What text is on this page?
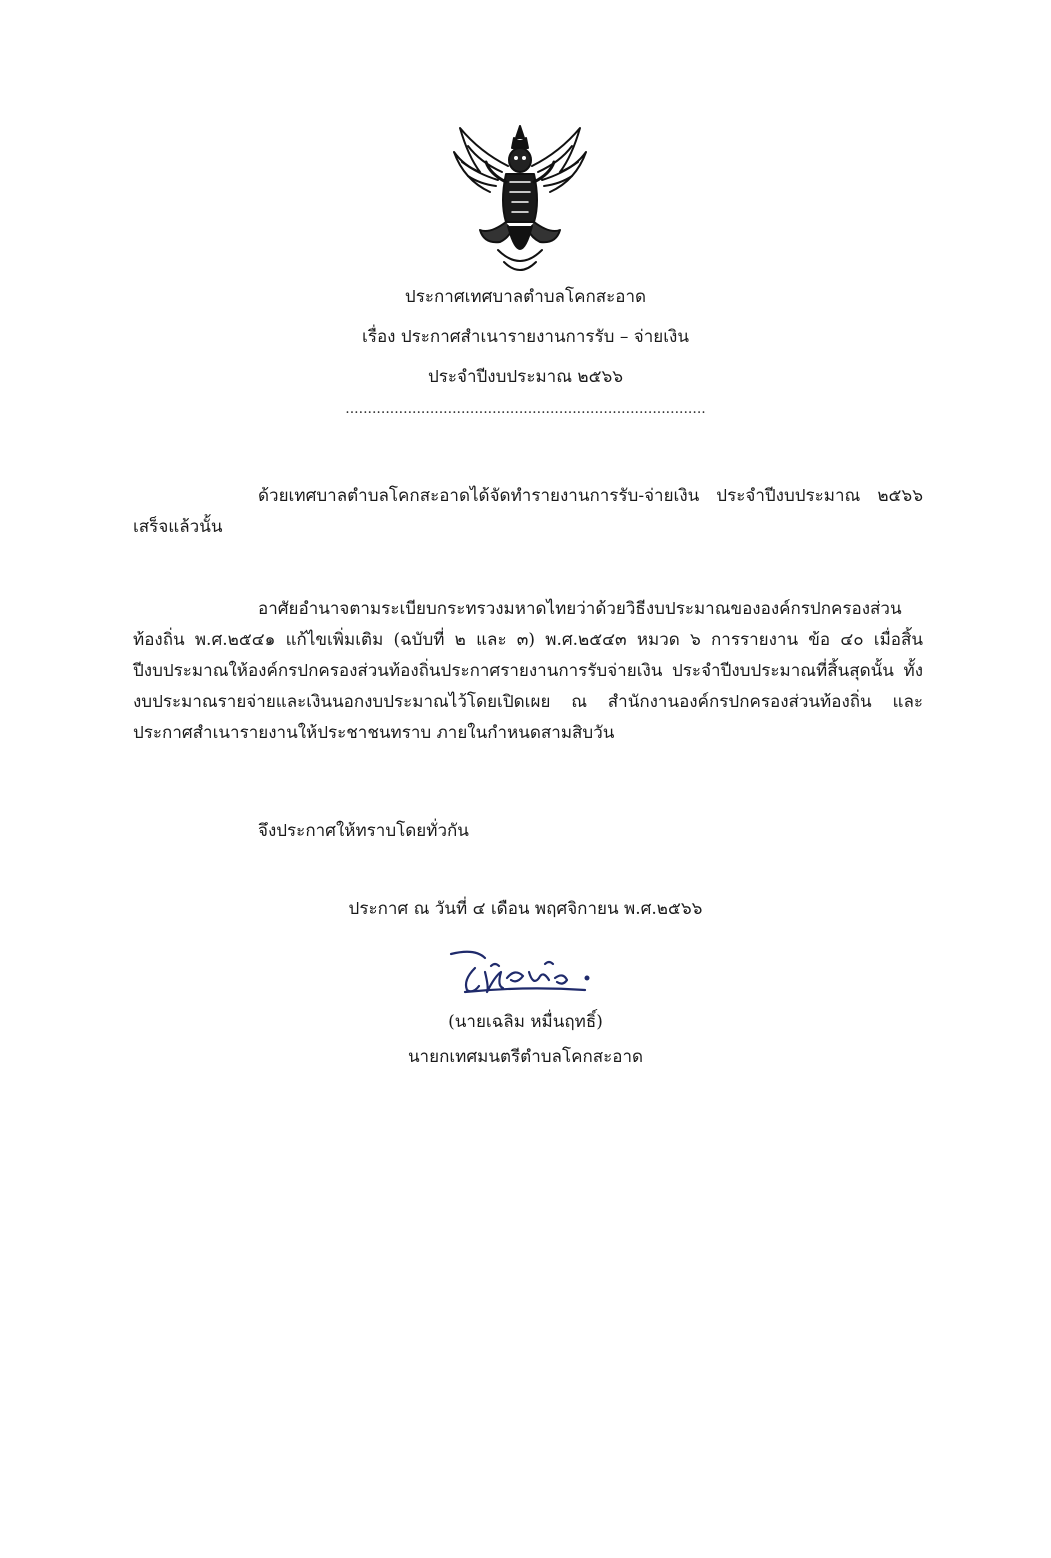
ประกาศเทศบาลตำบลโคกสะอาด
เรื่อง ประกาศสำเนารายงานการรับ – จ่ายเงิน
ประจำปีงบประมาณ ๒๕๖๖
.................................................................................
ด้วยเทศบาลตำบลโคกสะอาดได้จัดทำรายงานการรับ-จ่ายเงิน ประจำปีงบประมาณ ๒๕๖๖ เสร็จแล้วนั้น
อาศัยอำนาจตามระเบียบกระทรวงมหาดไทยว่าด้วยวิธีงบประมาณขององค์กรปกครองส่วนท้องถิ่น พ.ศ.๒๕๔๑ แก้ไขเพิ่มเติม (ฉบับที่ ๒ และ ๓) พ.ศ.๒๕๔๓ หมวด ๖ การรายงาน ข้อ ๔๐ เมื่อสิ้นปีงบประมาณให้องค์กรปกครองส่วนท้องถิ่นประกาศรายงานการรับจ่ายเงิน ประจำปีงบประมาณที่สิ้นสุดนั้น ทั้งงบประมาณรายจ่ายและเงินนอกงบประมาณไว้โดยเปิดเผย ณ สำนักงานองค์กรปกครองส่วนท้องถิ่น และประกาศสำเนารายงานให้ประชาชนทราบ ภายในกำหนดสามสิบวัน
จึงประกาศให้ทราบโดยทั่วกัน
ประกาศ ณ วันที่ ๔ เดือน พฤศจิกายน พ.ศ.๒๕๖๖
(นายเฉลิม หมื่นฤทธิ์)
นายกเทศมนตรีตำบลโคกสะอาด
